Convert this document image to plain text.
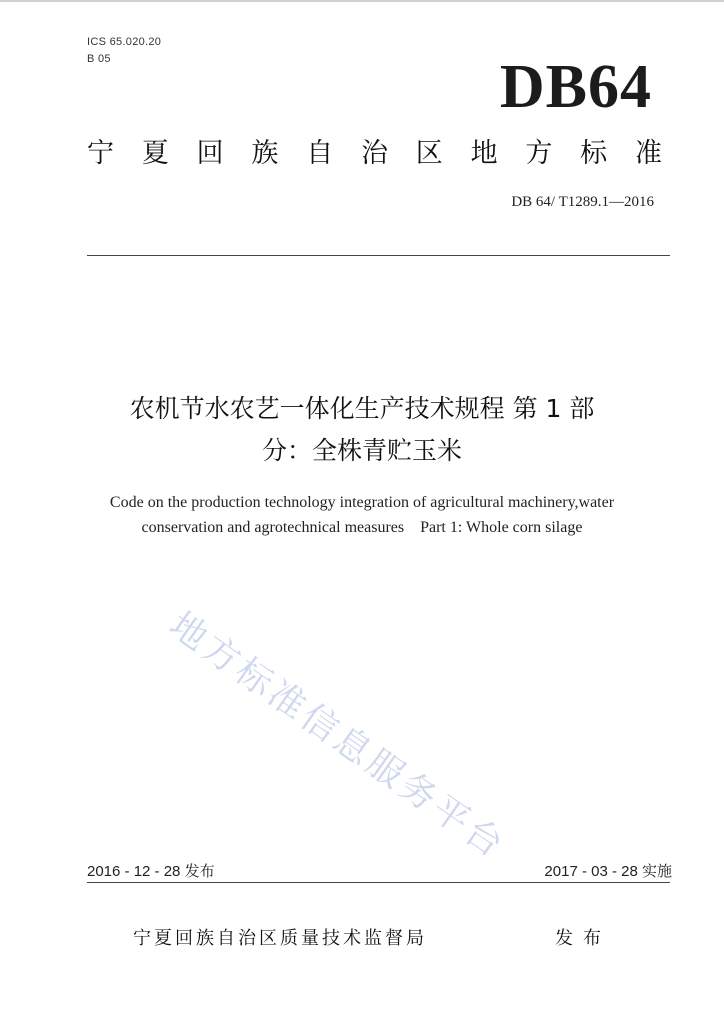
ICS 65.020.20
B 05	DB64
宁 夏 回 族 自 治 区 地 方 标 准
DB 64/ T1289.1—2016
农机节水农艺一体化生产技术规程 第 1 部
分：全株青贮玉米
Code on the production technology integration of agricultural machinery,water
conservation and agrotechnical measures    Part 1: Whole corn silage
地方标准信息服务平台
2016 - 12 - 28 发布	2017 - 03 - 28 实施
宁夏回族自治区质量技术监督局	发布
